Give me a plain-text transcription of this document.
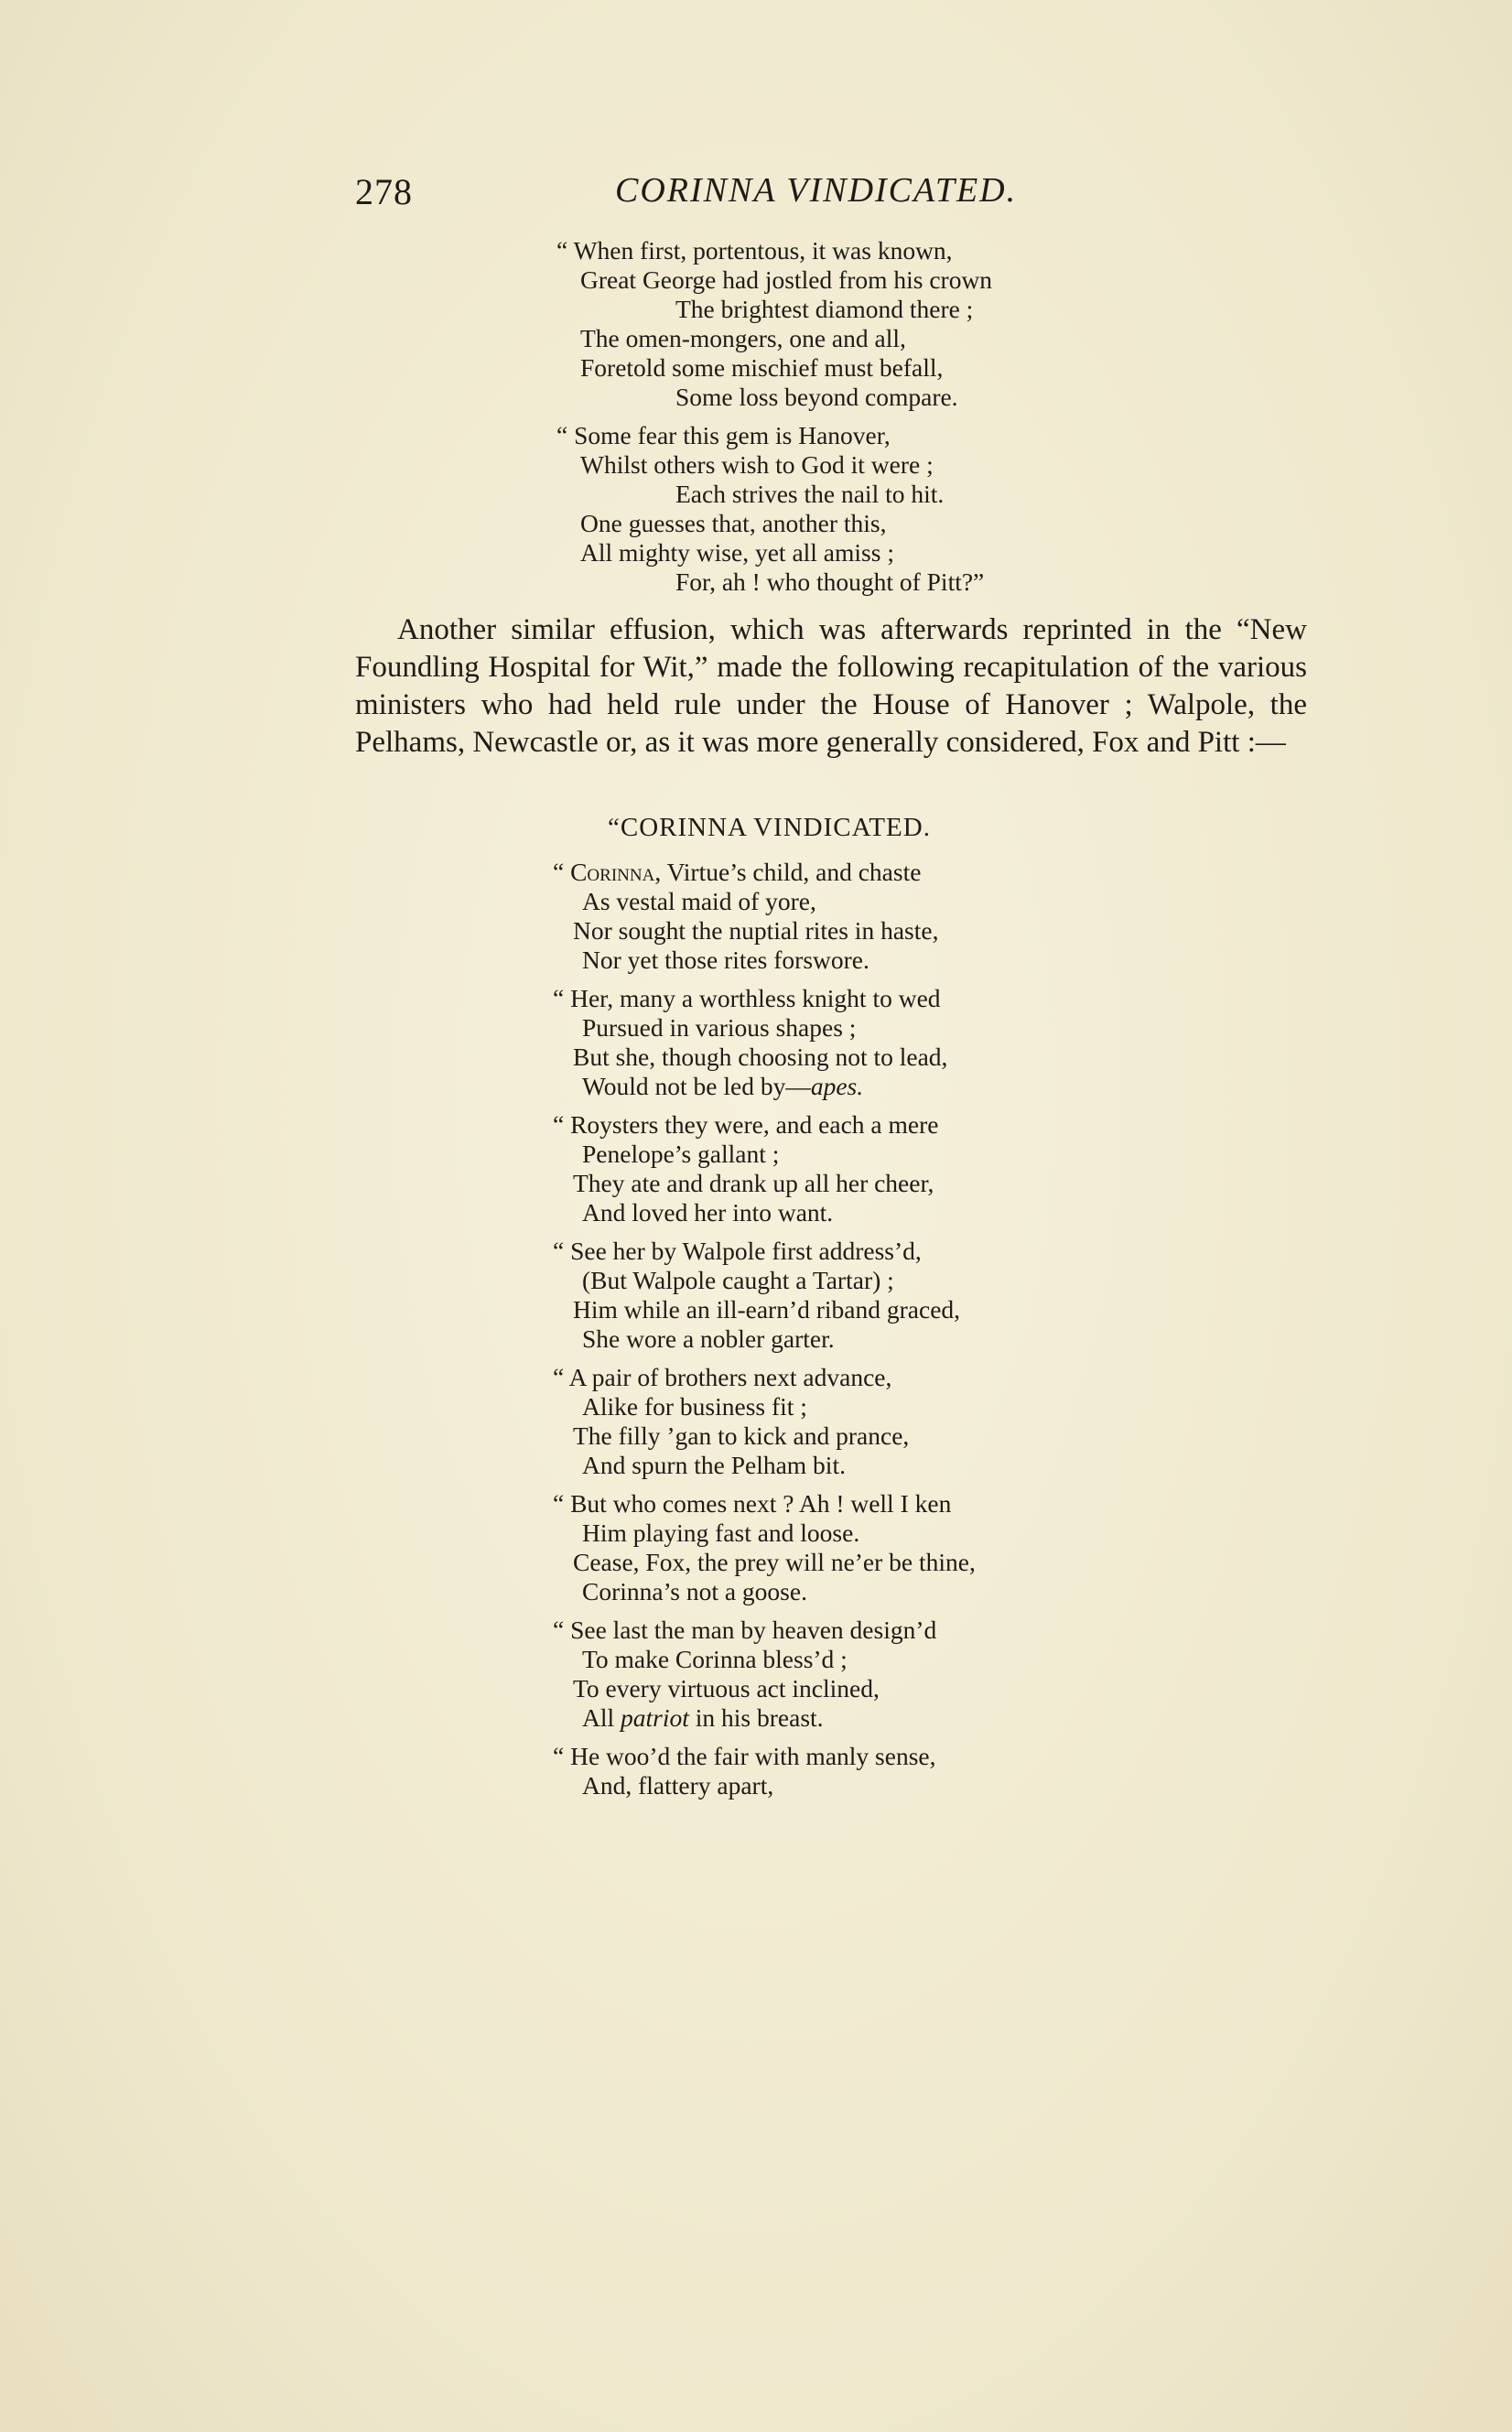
278	CORINNA VINDICATED.
“ When first, portentous, it was known,
Great George had jostled from his crown
The brightest diamond there ;
The omen-mongers, one and all,
Foretold some mischief must befall,
Some loss beyond compare.
“ Some fear this gem is Hanover,
Whilst others wish to God it were ;
Each strives the nail to hit.
One guesses that, another this,
All mighty wise, yet all amiss ;
For, ah ! who thought of Pitt?”

Another similar effusion, which was afterwards reprinted in the “New Foundling Hospital for Wit,” made the following recapitulation of the various ministers who had held rule under the House of Hanover ; Walpole, the Pelhams, Newcastle or, as it was more generally considered, Fox and Pitt :—

“CORINNA VINDICATED.
“ Corinna, Virtue’s child, and chaste
As vestal maid of yore,
Nor sought the nuptial rites in haste,
Nor yet those rites forswore.
“ Her, many a worthless knight to wed
Pursued in various shapes ;
But she, though choosing not to lead,
Would not be led by—apes.
“ Roysters they were, and each a mere
Penelope’s gallant ;
They ate and drank up all her cheer,
And loved her into want.
“ See her by Walpole first address’d,
(But Walpole caught a Tartar) ;
Him while an ill-earn’d riband graced,
She wore a nobler garter.
“ A pair of brothers next advance,
Alike for business fit ;
The filly ’gan to kick and prance,
And spurn the Pelham bit.
“ But who comes next ? Ah ! well I ken
Him playing fast and loose.
Cease, Fox, the prey will ne’er be thine,
Corinna’s not a goose.
“ See last the man by heaven design’d
To make Corinna bless’d ;
To every virtuous act inclined,
All patriot in his breast.
“ He woo’d the fair with manly sense,
And, flattery apart,
